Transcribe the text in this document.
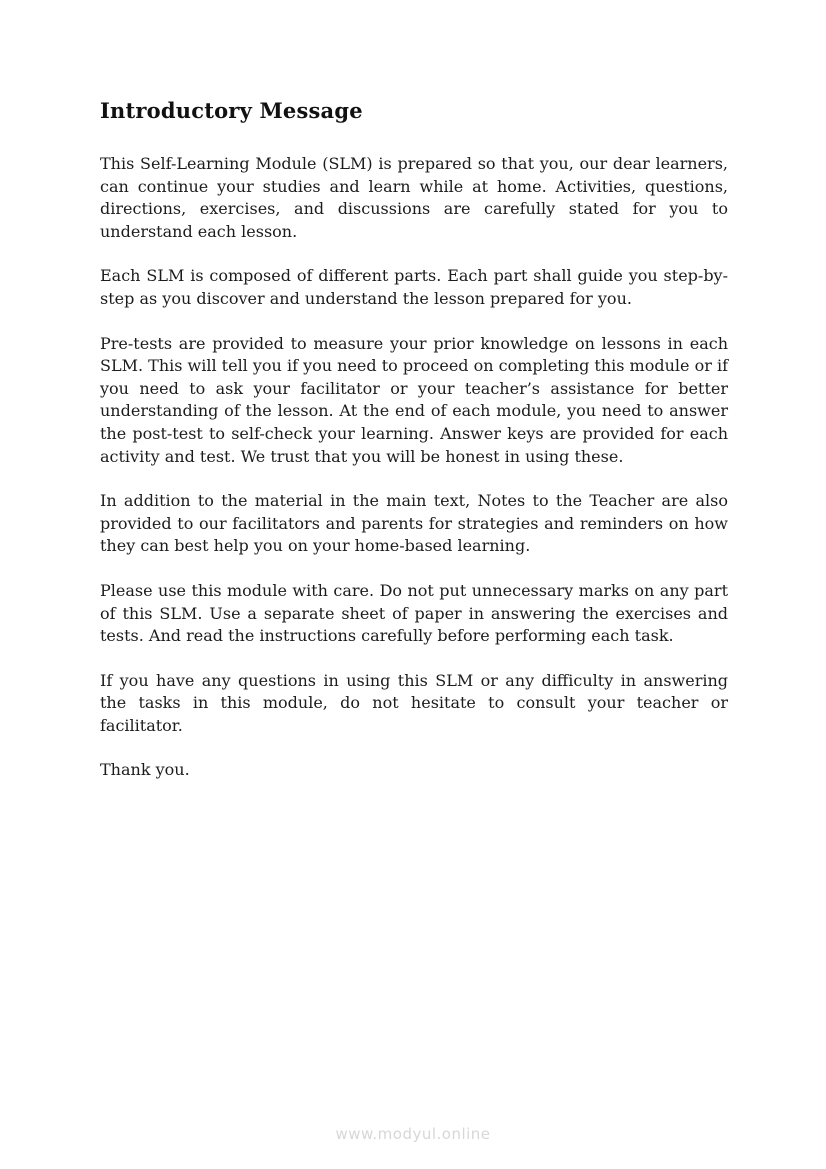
Introductory Message

This Self-Learning Module (SLM) is prepared so that you, our dear learners, can continue your studies and learn while at home. Activities, questions, directions, exercises, and discussions are carefully stated for you to understand each lesson.

Each SLM is composed of different parts. Each part shall guide you step-by-step as you discover and understand the lesson prepared for you.

Pre-tests are provided to measure your prior knowledge on lessons in each SLM. This will tell you if you need to proceed on completing this module or if you need to ask your facilitator or your teacher’s assistance for better understanding of the lesson. At the end of each module, you need to answer the post-test to self-check your learning. Answer keys are provided for each activity and test. We trust that you will be honest in using these.

In addition to the material in the main text, Notes to the Teacher are also provided to our facilitators and parents for strategies and reminders on how they can best help you on your home-based learning.

Please use this module with care. Do not put unnecessary marks on any part of this SLM. Use a separate sheet of paper in answering the exercises and tests. And read the instructions carefully before performing each task.

If you have any questions in using this SLM or any difficulty in answering the tasks in this module, do not hesitate to consult your teacher or facilitator.

Thank you.

www.modyul.online
